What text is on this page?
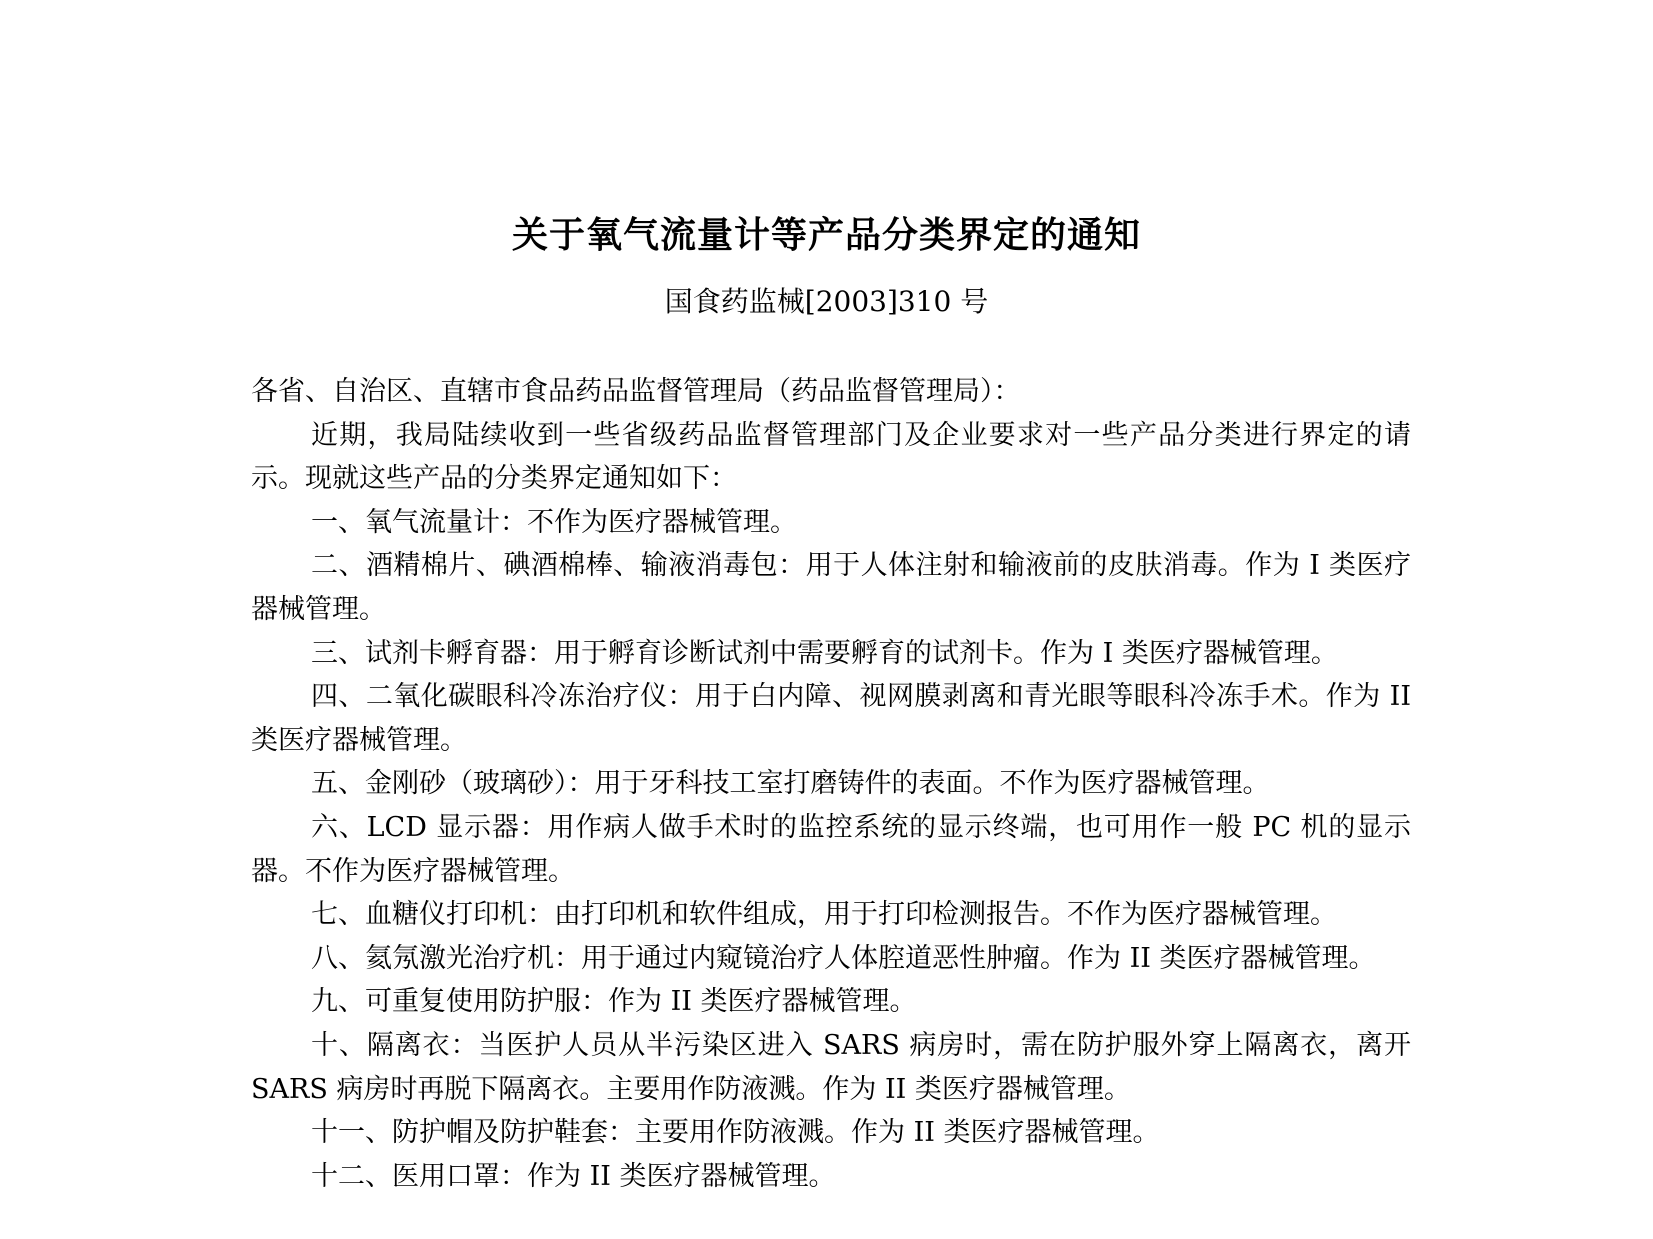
关于氧气流量计等产品分类界定的通知
国食药监械[2003]310 号

各省、自治区、直辖市食品药品监督管理局（药品监督管理局）：

近期，我局陆续收到一些省级药品监督管理部门及企业要求对一些产品分类进行界定的请示。现就这些产品的分类界定通知如下：

一、氧气流量计：不作为医疗器械管理。

二、酒精棉片、碘酒棉棒、输液消毒包：用于人体注射和输液前的皮肤消毒。作为 I 类医疗器械管理。

三、试剂卡孵育器：用于孵育诊断试剂中需要孵育的试剂卡。作为 I 类医疗器械管理。

四、二氧化碳眼科冷冻治疗仪：用于白内障、视网膜剥离和青光眼等眼科冷冻手术。作为 II 类医疗器械管理。

五、金刚砂（玻璃砂）：用于牙科技工室打磨铸件的表面。不作为医疗器械管理。

六、LCD 显示器：用作病人做手术时的监控系统的显示终端，也可用作一般 PC 机的显示器。不作为医疗器械管理。

七、血糖仪打印机：由打印机和软件组成，用于打印检测报告。不作为医疗器械管理。

八、氦氖激光治疗机：用于通过内窥镜治疗人体腔道恶性肿瘤。作为 II 类医疗器械管理。

九、可重复使用防护服：作为 II 类医疗器械管理。

十、隔离衣：当医护人员从半污染区进入 SARS 病房时，需在防护服外穿上隔离衣，离开 SARS 病房时再脱下隔离衣。主要用作防液溅。作为 II 类医疗器械管理。

十一、防护帽及防护鞋套：主要用作防液溅。作为 II 类医疗器械管理。

十二、医用口罩：作为 II 类医疗器械管理。
